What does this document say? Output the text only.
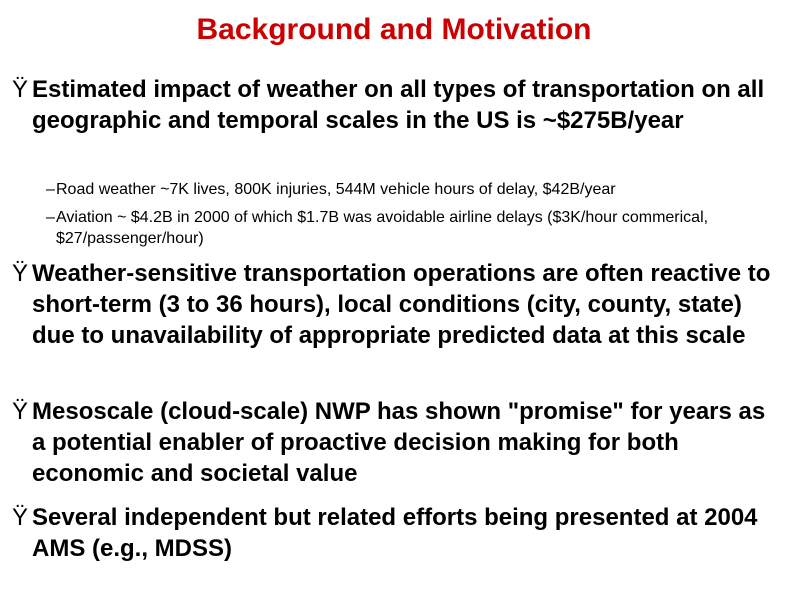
Background and Motivation
Ÿ Estimated impact of weather on all types of transportation on all geographic and temporal scales in the US is ~$275B/year
– Road weather ~7K lives, 800K injuries, 544M vehicle hours of delay, $42B/year
– Aviation ~ $4.2B in 2000 of which $1.7B was avoidable airline delays ($3K/hour commerical, $27/passenger/hour)
Ÿ Weather-sensitive transportation operations are often reactive to short-term (3 to 36 hours), local conditions (city, county, state) due to unavailability of appropriate predicted data at this scale
Ÿ Mesoscale (cloud-scale) NWP has shown "promise" for years as a potential enabler of proactive decision making for both economic and societal value
Ÿ Several independent but related efforts being presented at 2004 AMS (e.g., MDSS)
